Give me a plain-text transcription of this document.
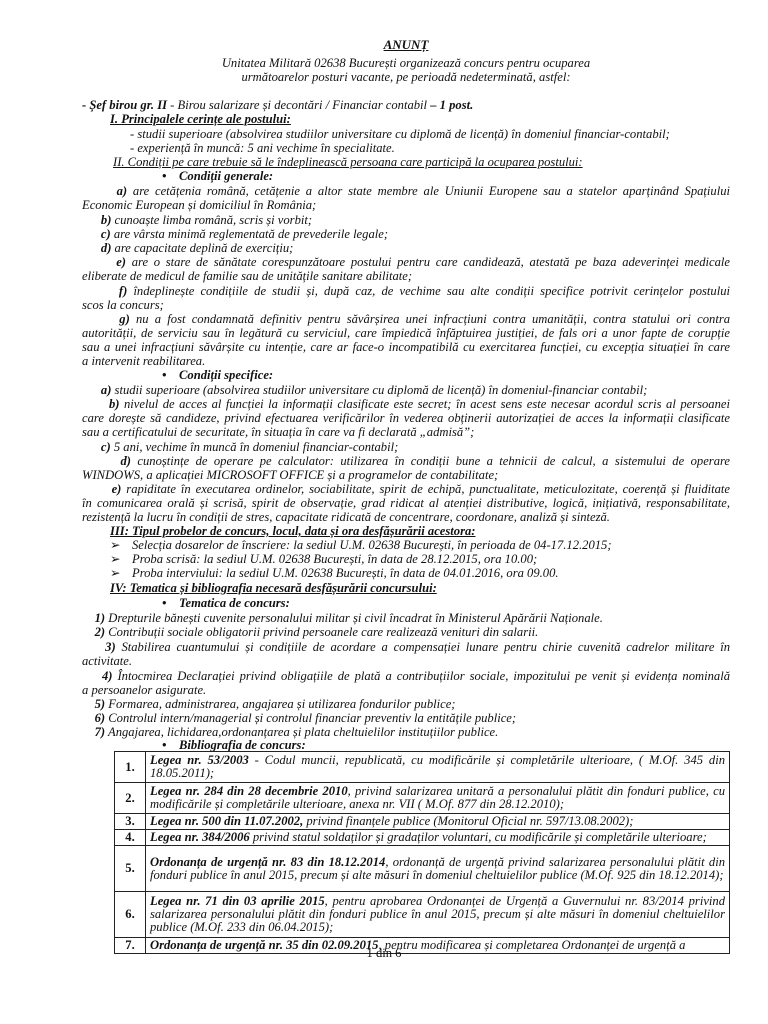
ANUNȚ
Unitatea Militară 02638 București organizează concurs pentru ocuparea
următoarelor posturi vacante, pe perioadă nedeterminată, astfel:
- Șef birou gr. II - Birou salarizare și decontări / Financiar contabil – 1 post.
I. Principalele cerințe ale postului:
- studii superioare (absolvirea studiilor universitare cu diplomă de licență) în domeniul financiar-contabil;
- experiență în muncă: 5 ani vechime în specialitate.
II. Condiții pe care trebuie să le îndeplinească persoana care participă la ocuparea postului:
•    Condiții generale:
a) are cetățenia română, cetățenie a altor state membre ale Uniunii Europene sau a statelor aparținând Spațiului
Economic European și domiciliul în România;
b) cunoaște limba română, scris și vorbit;
c) are vârsta minimă reglementată de prevederile legale;
d) are capacitate deplină de exercițiu;
e) are o stare de sănătate corespunzătoare postului pentru care candidează, atestată pe baza adeverinței medicale
eliberate de medicul de familie sau de unitățile sanitare abilitate;
f) îndeplinește condițiile de studii și, după caz, de vechime sau alte condiții specifice potrivit cerințelor postului
scos la concurs;
g) nu a fost condamnată definitiv pentru săvârșirea unei infracțiuni contra umanității, contra statului ori contra
autorității, de serviciu sau în legătură cu serviciul, care împiedică înfăptuirea justiției, de fals ori a unor fapte de corupție
sau a unei infracțiuni săvârșite cu intenție, care ar face-o incompatibilă cu exercitarea funcției, cu excepția situației în care
a intervenit reabilitarea.
•    Condiții specifice:
a) studii superioare (absolvirea studiilor universitare cu diplomă de licență) în domeniul-financiar contabil;
b) nivelul de acces al funcției la informații clasificate este secret; în acest sens este necesar acordul scris al persoanei
care dorește să candideze, privind efectuarea verificărilor în vederea obținerii autorizației de acces la informații clasificate
sau a certificatului de securitate, în situația în care va fi declarată „admisă”;
c) 5 ani, vechime în muncă în domeniul financiar-contabil;
d) cunoștințe de operare pe calculator: utilizarea în condiții bune a tehnicii de calcul, a sistemului de operare
WINDOWS, a aplicației MICROSOFT OFFICE și a programelor de contabilitate;
e) rapiditate în executarea ordinelor, sociabilitate, spirit de echipă, punctualitate, meticulozitate, coerență și fluiditate
în comunicarea orală și scrisă, spirit de observație, grad ridicat al atenției distributive, logică, inițiativă, responsabilitate,
rezistență la lucru în condiții de stres, capacitate ridicată de concentrare, coordonare, analiză și sinteză.
III: Tipul probelor de concurs, locul, data și ora desfășurării acestora:
➢ Selecția dosarelor de înscriere: la sediul U.M. 02638 București, în perioada de 04-17.12.2015;
➢ Proba scrisă: la sediul U.M. 02638 București, în data de 28.12.2015, ora 10.00;
➢ Proba interviului: la sediul U.M. 02638 București, în data de 04.01.2016, ora 09.00.
IV: Tematica și bibliografia necesară desfășurării concursului:
•    Tematica de concurs:
1) Drepturile bănești cuvenite personalului militar și civil încadrat în Ministerul Apărării Naționale.
2) Contribuții sociale obligatorii privind persoanele care realizează venituri din salarii.
3) Stabilirea cuantumului și condițiile de acordare a compensației lunare pentru chirie cuvenită cadrelor militare în
activitate.
4) Întocmirea Declarației privind obligațiile de plată a contribuțiilor sociale, impozitului pe venit și evidența nominală
a persoanelor asigurate.
5) Formarea, administrarea, angajarea și utilizarea fondurilor publice;
6) Controlul intern/managerial și controlul financiar preventiv la entitățile publice;
7) Angajarea, lichidarea,ordonanțarea și plata cheltuielilor instituțiilor publice.
•    Bibliografia de concurs:
1.	Legea nr. 53/2003 - Codul muncii, republicată, cu modificările și completările ulterioare, ( M.Of. 345 din 18.05.2011);
2.	Legea nr. 284 din 28 decembrie 2010, privind salarizarea unitară a personalului plătit din fonduri publice, cu modificările și completările ulterioare, anexa nr. VII ( M.Of. 877 din 28.12.2010);
3.	Legea nr. 500 din 11.07.2002, privind finanțele publice (Monitorul Oficial nr. 597/13.08.2002);
4.	Legea nr. 384/2006 privind statul soldaților și gradaților voluntari, cu modificările și completările ulterioare;
5.	Ordonanța de urgență nr. 83 din 18.12.2014, ordonanță de urgență privind salarizarea personalului plătit din fonduri publice în anul 2015, precum și alte măsuri în domeniul cheltuielilor publice (M.Of. 925 din 18.12.2014);
6.	Legea nr. 71 din 03 aprilie 2015, pentru aprobarea Ordonanței de Urgență a Guvernului nr. 83/2014 privind salarizarea personalului plătit din fonduri publice în anul 2015, precum și alte măsuri în domeniul cheltuielilor publice (M.Of. 233 din 06.04.2015);
7.	Ordonanța de urgență nr. 35 din 02.09.2015, pentru modificarea și completarea Ordonanței de urgență a
1 din 6
